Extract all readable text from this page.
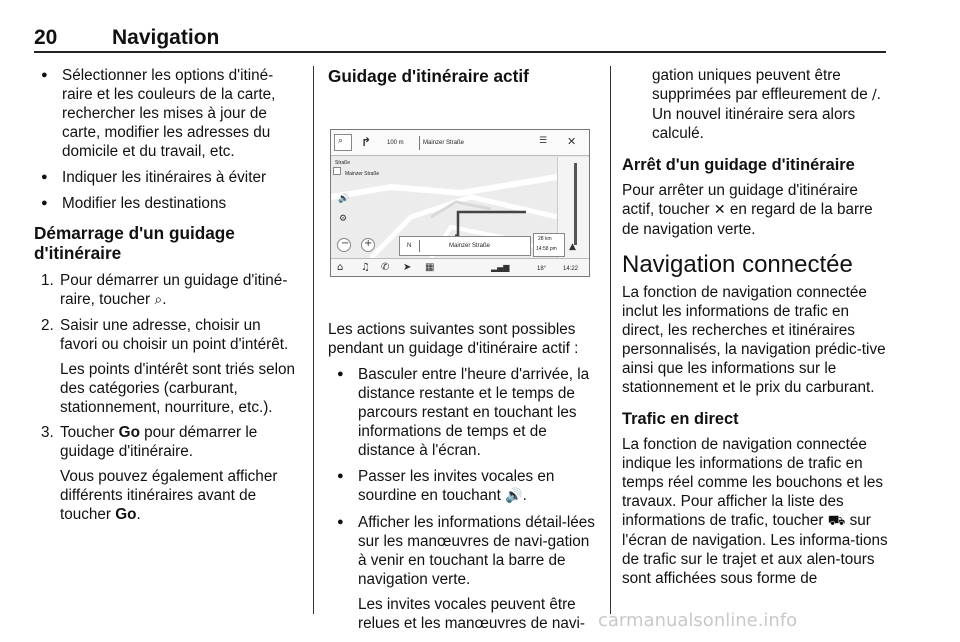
20	Navigation

● Sélectionner les options d'itiné-raire et les couleurs de la carte, rechercher les mises à jour de carte, modifier les adresses du domicile et du travail, etc.

● Indiquer les itinéraires à éviter

● Modifier les destinations

Démarrage d'un guidage d'itinéraire

1. Pour démarrer un guidage d'itiné-raire, toucher ⌕.

2. Saisir une adresse, choisir un favori ou choisir un point d'intérêt.

Les points d'intérêt sont triés selon des catégories (carburant, stationnement, nourriture, etc.).

3. Toucher Go pour démarrer le guidage d'itinéraire.

Vous pouvez également afficher différents itinéraires avant de toucher Go.

Guidage d'itinéraire actif
⌕ ↱	100 m	Mainzer Straße	☰ ✕
Straße
Mainzer Straße
🔊
⚙
▲
− +	N	Mainzer Straße
28 km
14:58 pm
⌂ ♫ ✆ ➤ ▦	▂▄▆	18°	14:22

Les actions suivantes sont possibles pendant un guidage d'itinéraire actif :

● Basculer entre l'heure d'arrivée, la distance restante et le temps de parcours restant en touchant les informations de temps et de distance à l'écran.

● Passer les invites vocales en sourdine en touchant 🔊.

● Afficher les informations détail-lées sur les manœuvres de navi-gation à venir en touchant la barre de navigation verte.

Les invites vocales peuvent être relues et les manœuvres de navi-

gation uniques peuvent être supprimées par effleurement de ∕. Un nouvel itinéraire sera alors calculé.

Arrêt d'un guidage d'itinéraire

Pour arrêter un guidage d'itinéraire actif, toucher ✕ en regard de la barre de navigation verte.

Navigation connectée

La fonction de navigation connectée inclut les informations de trafic en direct, les recherches et itinéraires personnalisés, la navigation prédic-tive ainsi que les informations sur le stationnement et le prix du carburant.

Trafic en direct

La fonction de navigation connectée indique les informations de trafic en temps réel comme les bouchons et les travaux. Pour afficher la liste des informations de trafic, toucher ⛟ sur l'écran de navigation. Les informa-tions de trafic sur le trajet et aux alen-tours sont affichées sous forme de

carmanualsonline.info
